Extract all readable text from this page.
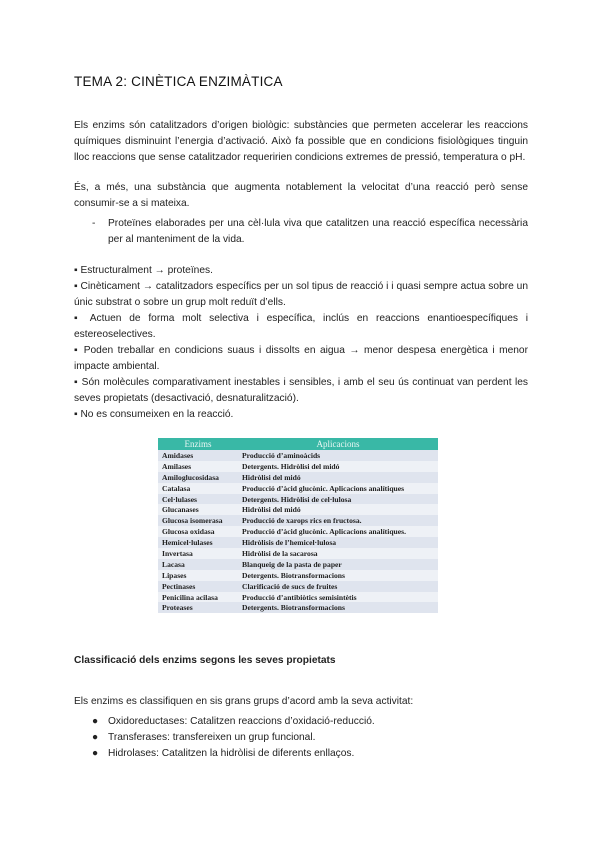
TEMA 2: CINÈTICA ENZIMÀTICA

Els enzims són catalitzadors d’origen biològic: substàncies que permeten accelerar les reaccions químiques disminuint l’energia d’activació. Això fa possible que en condicions fisiològiques tinguin lloc reaccions que sense catalitzador requeririen condicions extremes de pressió, temperatura o pH.

És, a més, una substància que augmenta notablement la velocitat d’una reacció però sense consumir-se a si mateixa.

- Proteïnes elaborades per una cèl·lula viva que catalitzen una reacció específica necessària per al manteniment de la vida.

▪ Estructuralment → proteïnes.

▪ Cinèticament → catalitzadors específics per un sol tipus de reacció i i quasi sempre actua sobre un únic substrat o sobre un grup molt reduït d’ells.

▪ Actuen de forma molt selectiva i específica, inclús en reaccions enantioespecífiques i estereoselectives.

▪ Poden treballar en condicions suaus i dissolts en aigua → menor despesa energètica i menor impacte ambiental.

▪ Són molècules comparativament inestables i sensibles, i amb el seu ús continuat van perdent les seves propietats (desactivació, desnaturalització).

▪ No es consumeixen en la reacció.

Enzims	Aplicacions
Amidases	Producció d’aminoàcids
Amilases	Detergents. Hidròlisi del midó
Amiloglucosidasa	Hidròlisi del midó
Catalasa	Producció d’àcid glucònic. Aplicacions analítiques
Cel·lulases	Detergents. Hidròlisi de cel·lulosa
Glucanases	Hidròlisi del midó
Glucosa isomerasa	Producció de xarops rics en fructosa.
Glucosa oxidasa	Producció d’àcid glucònic. Aplicacions analítiques.
Hemicel·lulases	Hidròlisis de l’hemicel·lulosa
Invertasa	Hidròlisi de la sacarosa
Lacasa	Blanqueig de la pasta de paper
Lipases	Detergents. Biotransformacions
Pectinases	Clarificació de sucs de fruites
Penicilina acilasa	Producció d’antibiòtics semisintètis
Proteases	Detergents. Biotransformacions
Classificació dels enzims segons les seves propietats

Els enzims es classifiquen en sis grans grups d’acord amb la seva activitat:

● Oxidoreductases: Catalitzen reaccions d’oxidació-reducció.

● Transferases: transfereixen un grup funcional.

● Hidrolases: Catalitzen la hidròlisi de diferents enllaços.
